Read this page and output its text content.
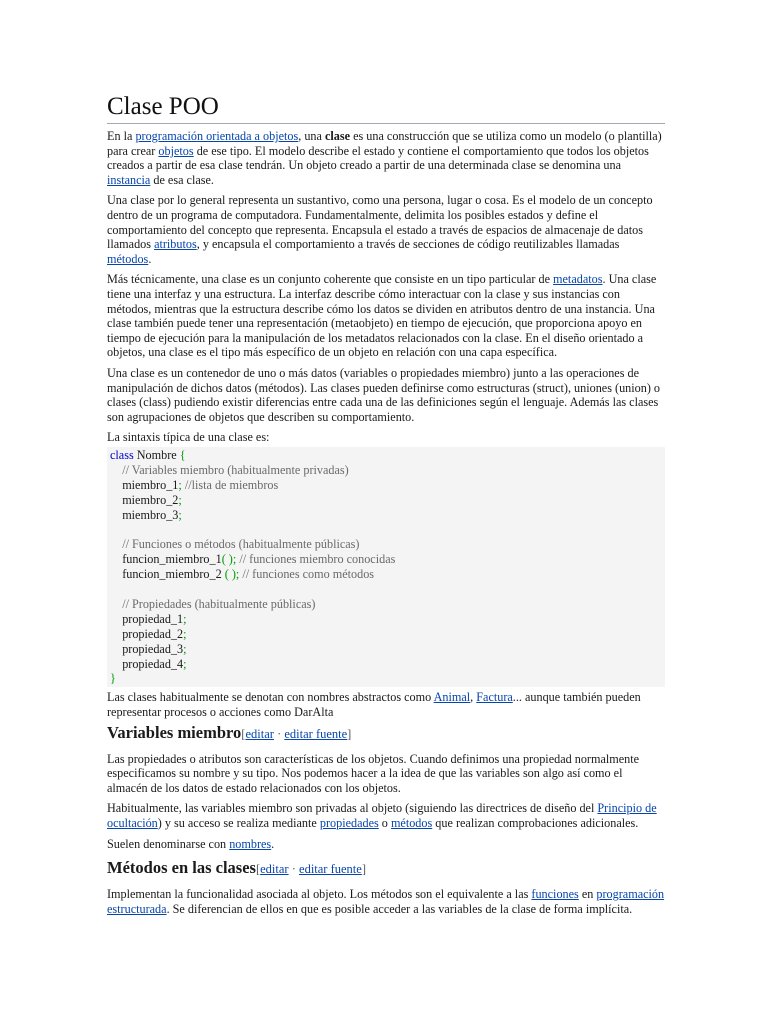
Clase POO

En la programación orientada a objetos, una clase es una construcción que se utiliza como un modelo (o plantilla) para crear objetos de ese tipo. El modelo describe el estado y contiene el comportamiento que todos los objetos creados a partir de esa clase tendrán. Un objeto creado a partir de una determinada clase se denomina una instancia de esa clase.

Una clase por lo general representa un sustantivo, como una persona, lugar o cosa. Es el modelo de un concepto dentro de un programa de computadora. Fundamentalmente, delimita los posibles estados y define el comportamiento del concepto que representa. Encapsula el estado a través de espacios de almacenaje de datos llamados atributos, y encapsula el comportamiento a través de secciones de código reutilizables llamadas métodos.

Más técnicamente, una clase es un conjunto coherente que consiste en un tipo particular de metadatos. Una clase tiene una interfaz y una estructura. La interfaz describe cómo interactuar con la clase y sus instancias con métodos, mientras que la estructura describe cómo los datos se dividen en atributos dentro de una instancia. Una clase también puede tener una representación (metaobjeto) en tiempo de ejecución, que proporciona apoyo en tiempo de ejecución para la manipulación de los metadatos relacionados con la clase. En el diseño orientado a objetos, una clase es el tipo más específico de un objeto en relación con una capa específica.

Una clase es un contenedor de uno o más datos (variables o propiedades miembro) junto a las operaciones de manipulación de dichos datos (métodos). Las clases pueden definirse como estructuras (struct), uniones (union) o clases (class) pudiendo existir diferencias entre cada una de las definiciones según el lenguaje. Además las clases son agrupaciones de objetos que describen su comportamiento.

La sintaxis típica de una clase es:

class Nombre {
// Variables miembro (habitualmente privadas)
miembro_1; //lista de miembros
miembro_2;
miembro_3;

// Funciones o métodos (habitualmente públicas)
funcion_miembro_1( ); // funciones miembro conocidas
funcion_miembro_2 ( ); // funciones como métodos

// Propiedades (habitualmente públicas)
propiedad_1;
propiedad_2;
propiedad_3;
propiedad_4;
}

Las clases habitualmente se denotan con nombres abstractos como Animal, Factura... aunque también pueden representar procesos o acciones como DarAlta

Variables miembro[editar · editar fuente]

Las propiedades o atributos son características de los objetos. Cuando definimos una propiedad normalmente especificamos su nombre y su tipo. Nos podemos hacer a la idea de que las variables son algo así como el almacén de los datos de estado relacionados con los objetos.

Habitualmente, las variables miembro son privadas al objeto (siguiendo las directrices de diseño del Principio de ocultación) y su acceso se realiza mediante propiedades o métodos que realizan comprobaciones adicionales.

Suelen denominarse con nombres.

Métodos en las clases[editar · editar fuente]

Implementan la funcionalidad asociada al objeto. Los métodos son el equivalente a las funciones en programación estructurada. Se diferencian de ellos en que es posible acceder a las variables de la clase de forma implícita.
